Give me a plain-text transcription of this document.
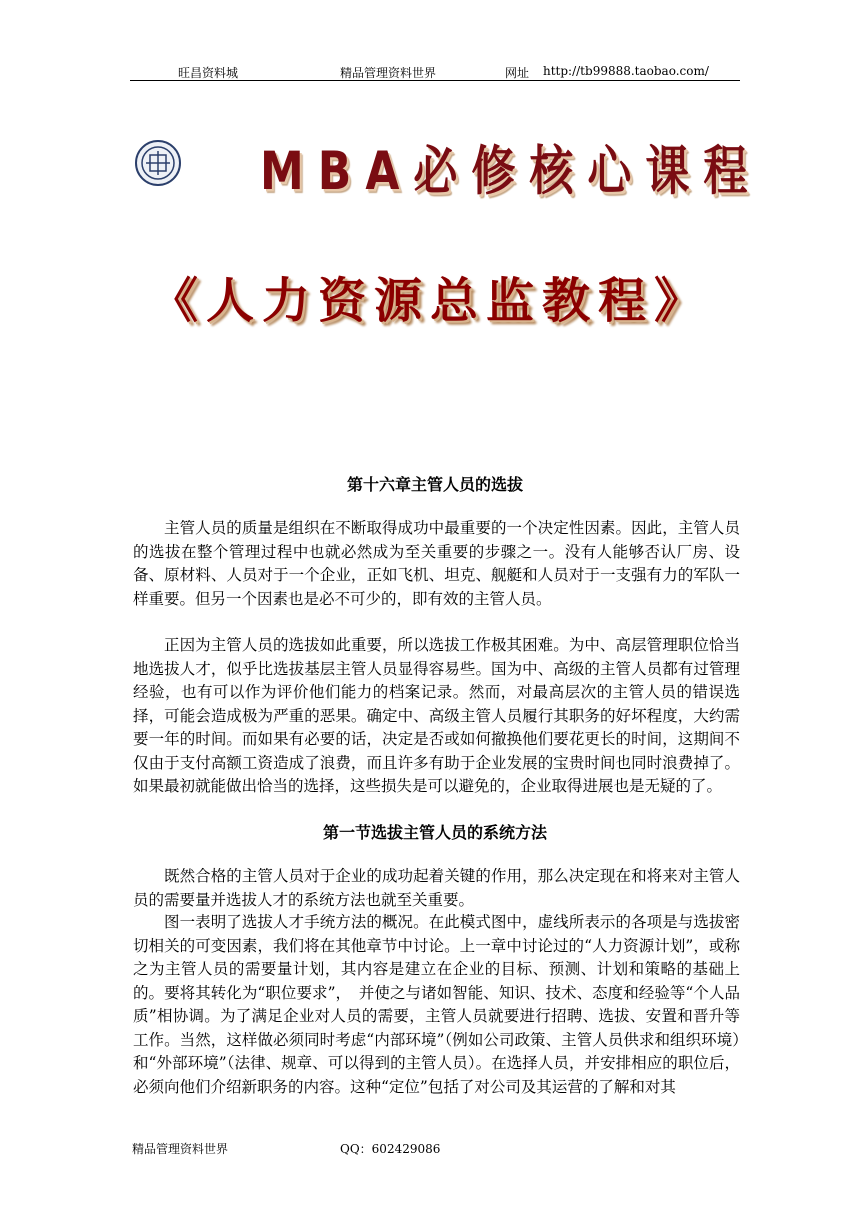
旺昌资料城	精品管理资料世界	网址 http://tb99888.taobao.com/
MBA必修核心课程
《人力资源总监教程》
第十六章主管人员的选拔

主管人员的质量是组织在不断取得成功中最重要的一个决定性因素。因此，主管人员的选拔在整个管理过程中也就必然成为至关重要的步骤之一。没有人能够否认厂房、设备、原材料、人员对于一个企业，正如飞机、坦克、舰艇和人员对于一支强有力的军队一样重要。但另一个因素也是必不可少的，即有效的主管人员。

正因为主管人员的选拔如此重要，所以选拔工作极其困难。为中、高层管理职位恰当地选拔人才，似乎比选拔基层主管人员显得容易些。国为中、高级的主管人员都有过管理经验，也有可以作为评价他们能力的档案记录。然而，对最高层次的主管人员的错误选择，可能会造成极为严重的恶果。确定中、高级主管人员履行其职务的好坏程度，大约需要一年的时间。而如果有必要的话，决定是否或如何撤换他们要花更长的时间，这期间不仅由于支付高额工资造成了浪费，而且许多有助于企业发展的宝贵时间也同时浪费掉了。如果最初就能做出恰当的选择，这些损失是可以避免的，企业取得进展也是无疑的了。

第一节选拔主管人员的系统方法

既然合格的主管人员对于企业的成功起着关键的作用，那么决定现在和将来对主管人员的需要量并选拔人才的系统方法也就至关重要。

图一表明了选拔人才手统方法的概况。在此模式图中，虚线所表示的各项是与选拔密切相关的可变因素，我们将在其他章节中讨论。上一章中讨论过的“人力资源计划”，或称之为主管人员的需要量计划，其内容是建立在企业的目标、预测、计划和策略的基础上的。要将其转化为“职位要求”，　并使之与诸如智能、知识、技术、态度和经验等“个人品质”相协调。为了满足企业对人员的需要，主管人员就要进行招聘、选拔、安置和晋升等工作。当然，这样做必须同时考虑“内部环境”（例如公司政策、主管人员供求和组织环境）和“外部环境”（法律、规章、可以得到的主管人员）。在选择人员，并安排相应的职位后，必须向他们介绍新职务的内容。这种“定位”包括了对公司及其运营的了解和对其

精品管理资料世界	QQ：602429086
